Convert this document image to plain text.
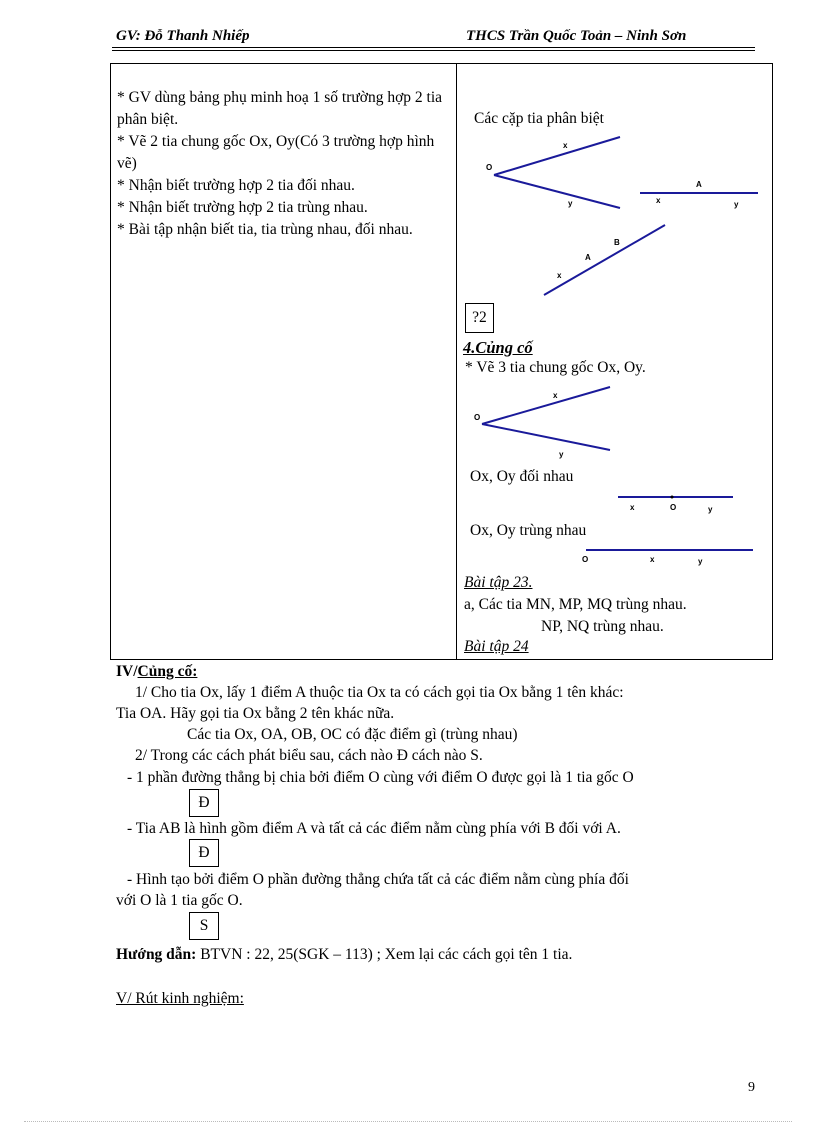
GV: Đỗ Thanh Nhiếp	THCS Trần Quốc Toản – Ninh Sơn
* GV dùng bảng phụ minh hoạ 1 số trường hợp 2 tia phân biệt.
* Vẽ 2 tia chung gốc Ox, Oy(Có 3 trường hợp hình vẽ)
* Nhận biết trường hợp 2 tia đối nhau.
* Nhận biết trường hợp 2 tia trùng nhau.
* Bài tập nhận biết tia, tia trùng nhau, đối nhau.
Các cặp tia phân biệt
O
x
y
A
x	y
B
A
x
?2
4.Củng cố
* Vẽ 3 tia chung gốc Ox, Oy.
O
x
y
Ox, Oy đối nhau
x	O	y
Ox, Oy trùng nhau
O	x	y
Bài tập 23.
a, Các tia MN, MP, MQ trùng nhau.
NP, NQ trùng nhau.
Bài tập 24
IV/Củng cố:
1/ Cho tia Ox, lấy 1 điểm A thuộc tia Ox ta có cách gọi tia Ox bằng 1 tên khác:
Tia OA. Hãy gọi tia Ox bằng 2 tên khác nữa.
Các tia Ox, OA, OB, OC có đặc điểm gì (trùng nhau)
2/ Trong các cách phát biểu sau, cách nào Đ cách nào S.
- 1 phần đường thẳng bị chia bởi điểm O cùng với điểm O được gọi là 1 tia gốc O
Đ
- Tia AB là hình gồm điểm A và tất cả các điểm nằm cùng phía với B đối với A.
Đ
- Hình tạo bởi điểm O phần đường thẳng chứa tất cả các điểm nằm cùng phía đối
với O là 1 tia gốc O.
S
Hướng dẫn: BTVN : 22, 25(SGK – 113) ; Xem lại các cách gọi tên 1 tia.
V/ Rút kinh nghiệm:
9
